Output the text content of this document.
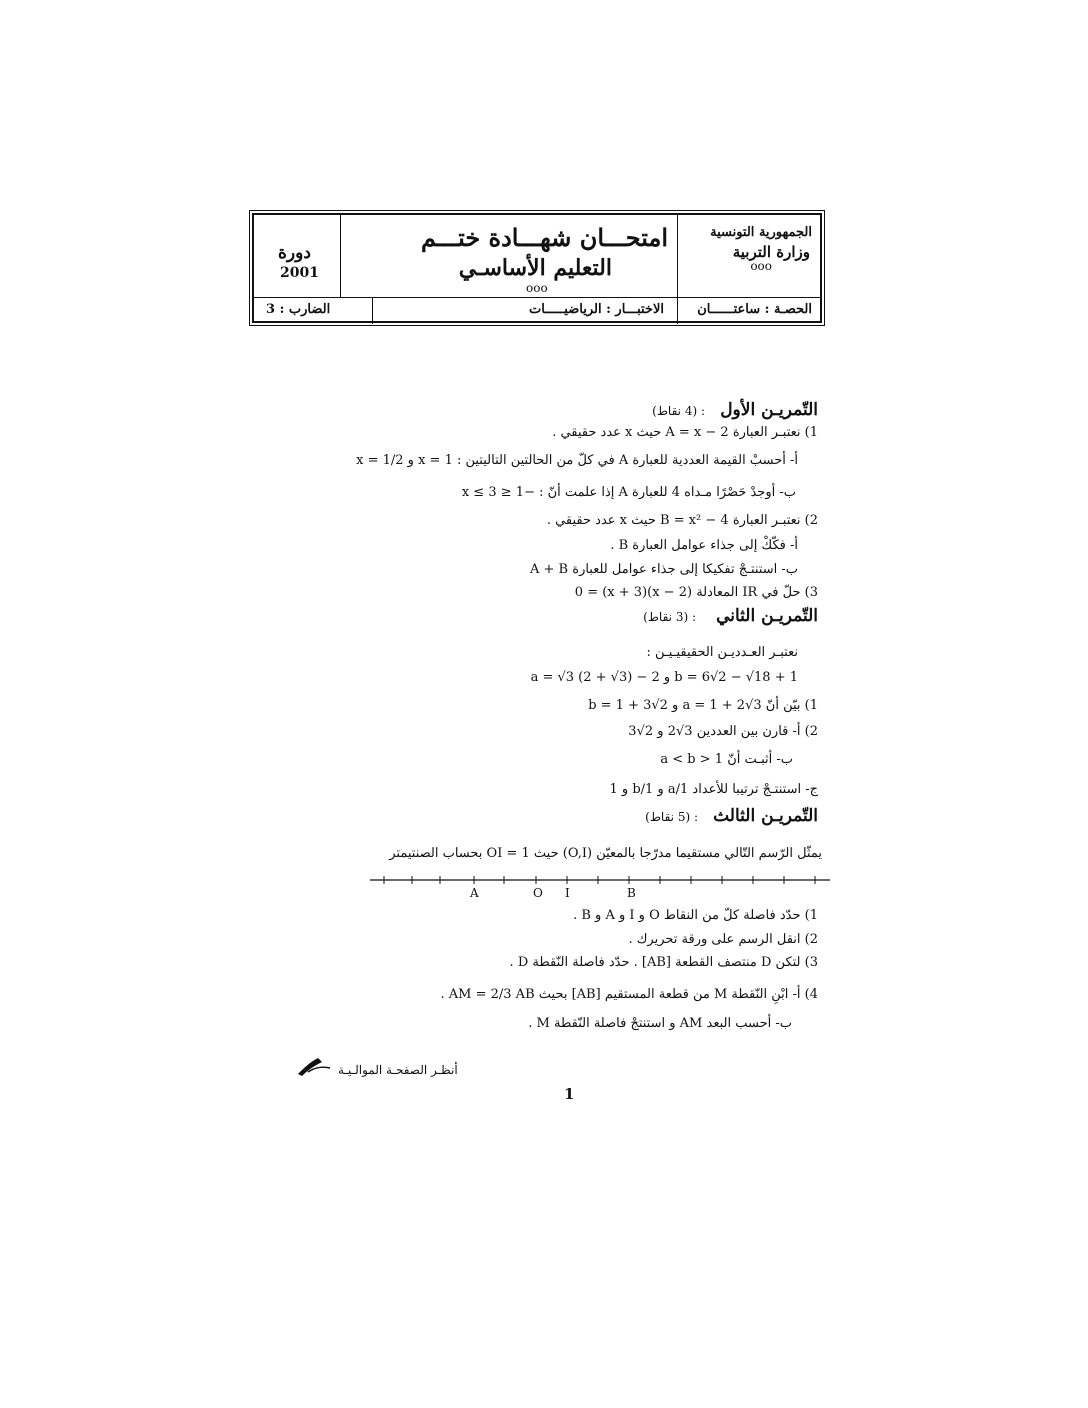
الجمهورية التونسية
وزارة التربية
ooo
امتحـــان شهـــادة ختـــم
التعليم الأساسـي
ooo
دورة
2001
الحصـة : ساعتــــــان
الاختبـــار : الرياضيـــــات
الضارب : 3
التّمريـن الأول
: (4 نقاط)
1) نعتبـر العبارة A = x − 2 حيث x عدد حقيقي .
أ- أحسبْ القيمة العددية للعبارة A في كلّ من الحالتين التاليتين : x = 1 و x = 1/2
ب- أوجدْ حَصْرًا مـداه 4 للعبارة A إذا علمت أنّ : −1 ≤ x ≤ 3
2) نعتبـر العبارة B = x² − 4 حيث x عدد حقيقي .
أ- فكّكْ إلى جذاء عوامل العبارة B .
ب- استنتـجْ تفكيكا إلى جذاء عوامل للعبارة A + B
3) حلّ في IR المعادلة (x − 2)(x + 3) = 0
التّمريـن الثاني
: (3 نقاط)
نعتبـر العـدديـن الحقيقيـيـن :
a = √3 (2 + √3) − 2 و b = 6√2 − √18 + 1
1) بيّن أنّ a = 1 + 2√3 و b = 1 + 3√2
2) أ- قارن بين العددين 3√2 و 2√3
ب- أثبـت أنّ 1 < a < b
ج- استنتـجْ ترتيبا للأعداد 1/a و 1/b و 1
التّمريـن الثالث
: (5 نقاط)
يمثّل الرّسم التّالي مستقيما مدرّجا بالمعيّن (O,I) حيث OI = 1 بحساب الصنتيمتر
A	O I	B
1) حدّد فاصلة كلّ من النقاط O و I و A و B .
2) انقل الرسم على ورقة تحريرك .
3) لتكن D منتصف القطعة [AB] . حدّد فاصلة النّقطة D .
4) أ- ابْنِ النّقطة M من قطعة المستقيم [AB] بحيث AM = 2/3 AB .
ب- أحسب البعد AM و استنتجْ فاصلة النّقطة M .
أنظـر الصفحـة الموالـيـة
1
